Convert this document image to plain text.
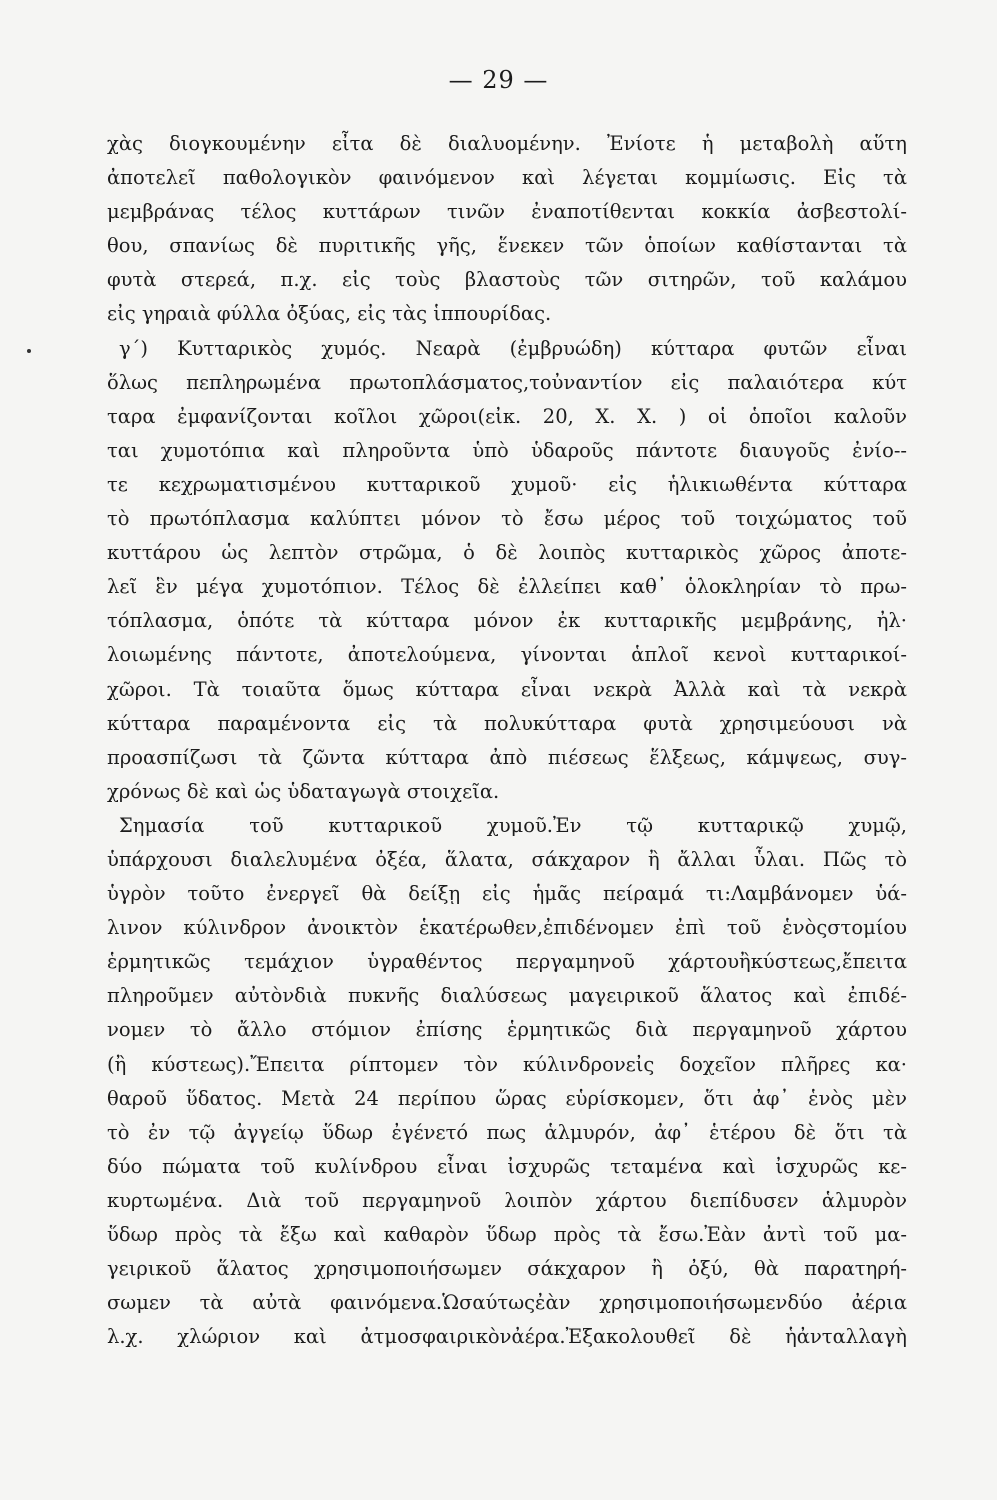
— 29 —
χὰς διογκουμένην εἶτα δὲ διαλυομένην. Ἐνίοτε ἡ μεταβολὴ αὕτη
ἀποτελεῖ παθολογικὸν φαινόμενον καὶ λέγεται κομμίωσις. Εἰς τὰ
μεμβράνας τέλος κυττάρων τινῶν ἐναποτίθενται κοκκία ἀσβεστολί-
θου, σπανίως δὲ πυριτικῆς γῆς, ἕνεκεν τῶν ὁποίων καθίστανται τὰ
φυτὰ στερεά, π.χ. εἰς τοὺς βλαστοὺς τῶν σιτηρῶν, τοῦ καλάμου
εἰς γηραιὰ φύλλα ὀξύας, εἰς τὰς ἱππουρίδας.
γ΄) Κυτταρικὸς χυμός. Νεαρὰ (ἐμβρυώδη) κύτταρα φυτῶν εἶναι
ὅλως πεπληρωμένα πρωτοπλάσματος,τοὐναντίον εἰς παλαιότερα κύτ
ταρα ἐμφανίζονται κοῖλοι χῶροι(εἰκ. 20, Χ. Χ. ) οἱ ὁποῖοι καλοῦν
ται χυμοτόπια καὶ πληροῦντα ὑπὸ ὑδαροῦς πάντοτε διαυγοῦς ἐνίο--
τε κεχρωματισμένου κυτταρικοῦ χυμοῦ· εἰς ἡλικιωθέντα κύτταρα
τὸ πρωτόπλασμα καλύπτει μόνον τὸ ἔσω μέρος τοῦ τοιχώματος τοῦ
κυττάρου ὡς λεπτὸν στρῶμα, ὁ δὲ λοιπὸς κυτταρικὸς χῶρος ἀποτε-
λεῖ ἓν μέγα χυμοτόπιον. Τέλος δὲ ἐλλείπει καθ᾽ ὁλοκληρίαν τὸ πρω-
τόπλασμα, ὁπότε τὰ κύτταρα μόνον ἐκ κυτταρικῆς μεμβράνης, ἠλ·
λοιωμένης πάντοτε, ἀποτελούμενα, γίνονται ἁπλοῖ κενοὶ κυτταρικοί-
χῶροι. Τὰ τοιαῦτα ὅμως κύτταρα εἶναι νεκρὰ Ἀλλὰ καὶ τὰ νεκρὰ
κύτταρα παραμένοντα εἰς τὰ πολυκύτταρα φυτὰ χρησιμεύουσι νὰ
προασπίζωσι τὰ ζῶντα κύτταρα ἀπὸ πιέσεως ἕλξεως, κάμψεως, συγ-
χρόνως δὲ καὶ ὡς ὑδαταγωγὰ στοιχεῖα.
Σημασία τοῦ κυτταρικοῦ χυμοῦ.Ἐν τῷ κυτταρικῷ χυμῷ,
ὑπάρχουσι διαλελυμένα ὀξέα, ἅλατα, σάκχαρον ἢ ἄλλαι ὗλαι. Πῶς τὸ
ὑγρὸν τοῦτο ἐνεργεῖ θὰ δείξῃ εἰς ἡμᾶς πείραμά τι:Λαμβάνομεν ὑά-
λινον κύλινδρον ἀνοικτὸν ἑκατέρωθεν,ἐπιδένομεν ἐπὶ τοῦ ἑνὸςστομίου
ἑρμητικῶς τεμάχιον ὑγραθέντος περγαμηνοῦ χάρτουἢκύστεως,ἔπειτα
πληροῦμεν αὐτὸνδιὰ πυκνῆς διαλύσεως μαγειρικοῦ ἅλατος καὶ ἐπιδέ-
νομεν τὸ ἄλλο στόμιον ἐπίσης ἑρμητικῶς διὰ περγαμηνοῦ χάρτου
(ἢ κύστεως).Ἔπειτα ρίπτομεν τὸν κύλινδρονεἰς δοχεῖον πλῆρες κα·
θαροῦ ὕδατος. Μετὰ 24 περίπου ὥρας εὑρίσκομεν, ὅτι ἀφ᾽ ἑνὸς μὲν
τὸ ἐν τῷ ἀγγείῳ ὕδωρ ἐγένετό πως ἁλμυρόν, ἀφ᾽ ἑτέρου δὲ ὅτι τὰ
δύο πώματα τοῦ κυλίνδρου εἶναι ἰσχυρῶς τεταμένα καὶ ἰσχυρῶς κε-
κυρτωμένα. Διὰ τοῦ περγαμηνοῦ λοιπὸν χάρτου διεπίδυσεν ἁλμυρὸν
ὕδωρ πρὸς τὰ ἔξω καὶ καθαρὸν ὕδωρ πρὸς τὰ ἔσω.Ἐὰν ἀντὶ τοῦ μα-
γειρικοῦ ἅλατος χρησιμοποιήσωμεν σάκχαρον ἢ ὀξύ, θὰ παρατηρή-
σωμεν τὰ αὐτὰ φαινόμενα.Ὡσαύτωςἐὰν χρησιμοποιήσωμενδύο ἀέρια
λ.χ. χλώριον καὶ ἀτμοσφαιρικὸνἀέρα.Ἐξακολουθεῖ δὲ ἡἀνταλλαγὴ
